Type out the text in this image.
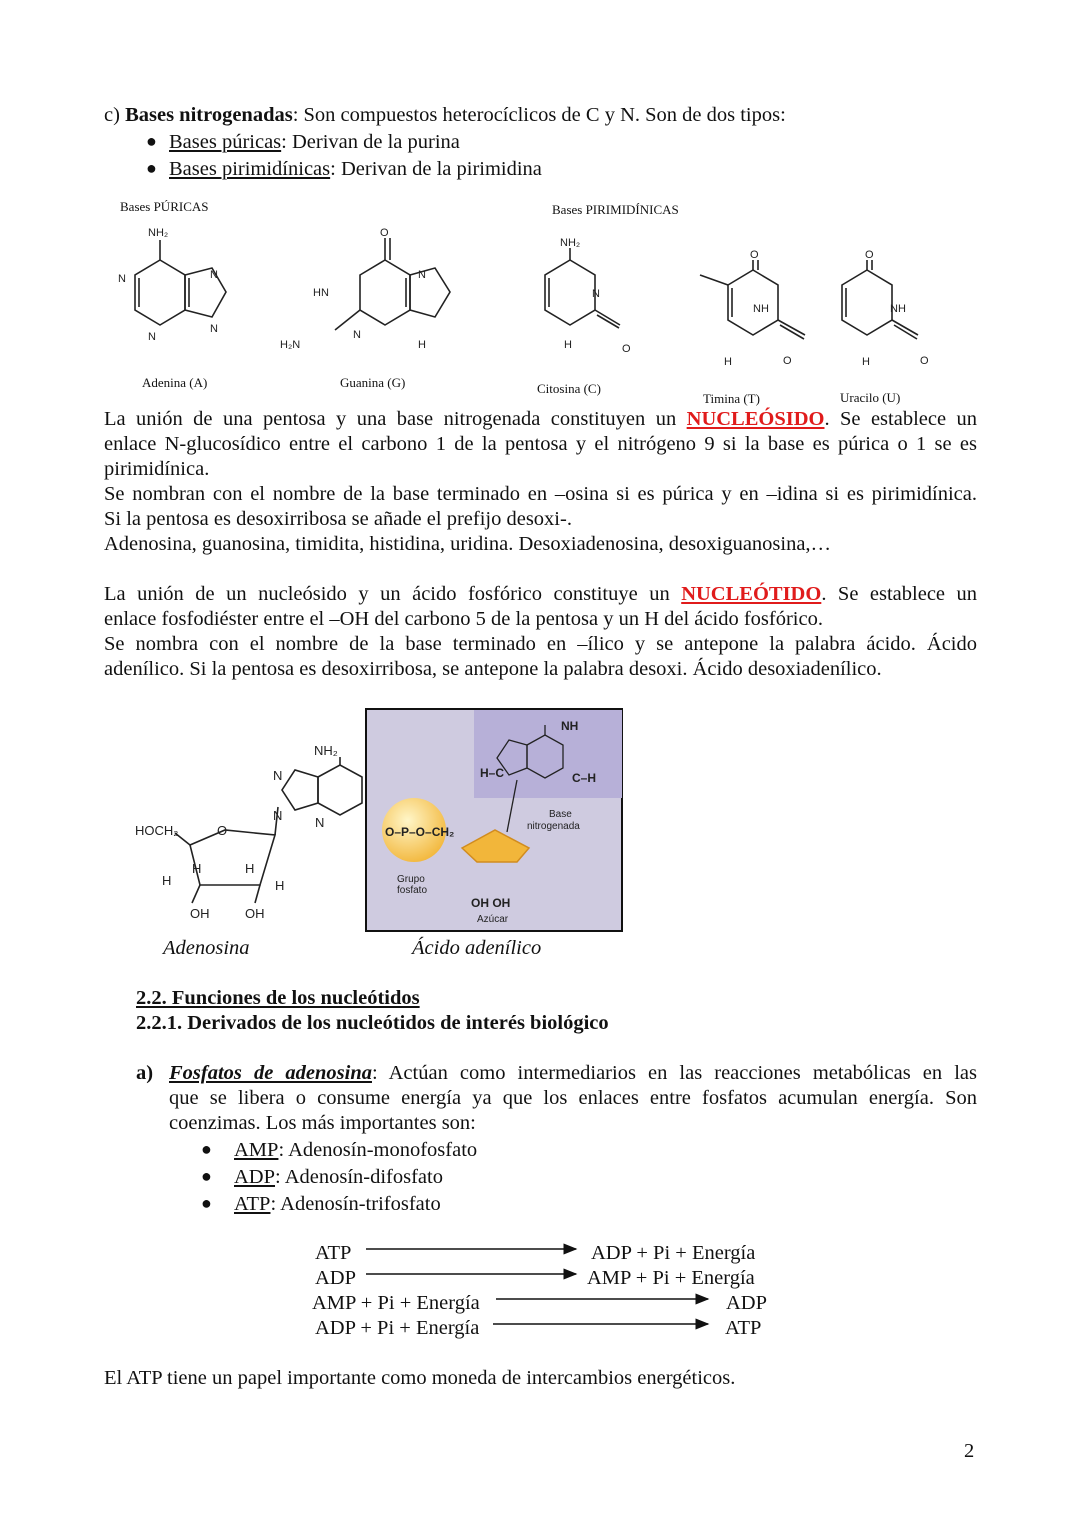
c) Bases nitrogenadas: Son compuestos heterocíclicos de C y N. Son de dos tipos:
● Bases púricas: Derivan de la purina
● Bases pirimidínicas: Derivan de la pirimidina
Bases PÚRICAS	Bases PIRIMIDÍNICAS
NH₂
N
N
N
N
O
HN
H₂N
N
N
H
NH₂
N
H	O
O
NH
H	O
O
NH
H	O
Adenina (A)	Guanina (G)	Citosina (C)
Timina (T)	Uracilo (U)
La unión de una pentosa y una base nitrogenada constituyen un NUCLEÓSIDO. Se establece un
enlace N-glucosídico entre el carbono 1 de la pentosa y el nitrógeno 9 si la base es púrica o 1 se es
pirimidínica.
Se nombran con el nombre de la base terminado en –osina si es púrica y en –idina si es pirimidínica.
Si la pentosa es desoxirribosa se añade el prefijo desoxi-.
Adenosina, guanosina, timidita, histidina, uridina. Desoxiadenosina, desoxiguanosina,…
La unión de un nucleósido y un ácido fosfórico constituye un NUCLEÓTIDO. Se establece un
enlace fosfodiéster entre el –OH del carbono 5 de la pentosa y un H del ácido fosfórico.
Se nombra con el nombre de la base terminado en –ílico y se antepone la palabra ácido. Ácido
adenílico. Si la pentosa es desoxirribosa, se antepone la palabra desoxi. Ácido desoxiadenílico.
NH₂
HOCH₂	O
H	H
H	H
OH	OH
N
N	N
Adenosina
NH
H–C	C–H
O–P–O–CH₂
OH OH
Base
nitrogenada
Grupo
fosfato
Azúcar
Ácido adenílico
2.2. Funciones de los nucleótidos
2.2.1. Derivados de los nucleótidos de interés biológico
a) Fosfatos de adenosina: Actúan como intermediarios en las reacciones metabólicas en las
que se libera o consume energía ya que los enlaces entre fosfatos acumulan energía. Son
coenzimas. Los más importantes son:
● AMP: Adenosín-monofosfato
● ADP: Adenosín-difosfato
● ATP: Adenosín-trifosfato
ATP	ADP + Pi + Energía
ADP	AMP + Pi + Energía
AMP + Pi + Energía	ADP
ADP + Pi + Energía	ATP
El ATP tiene un papel importante como moneda de intercambios energéticos.
2
